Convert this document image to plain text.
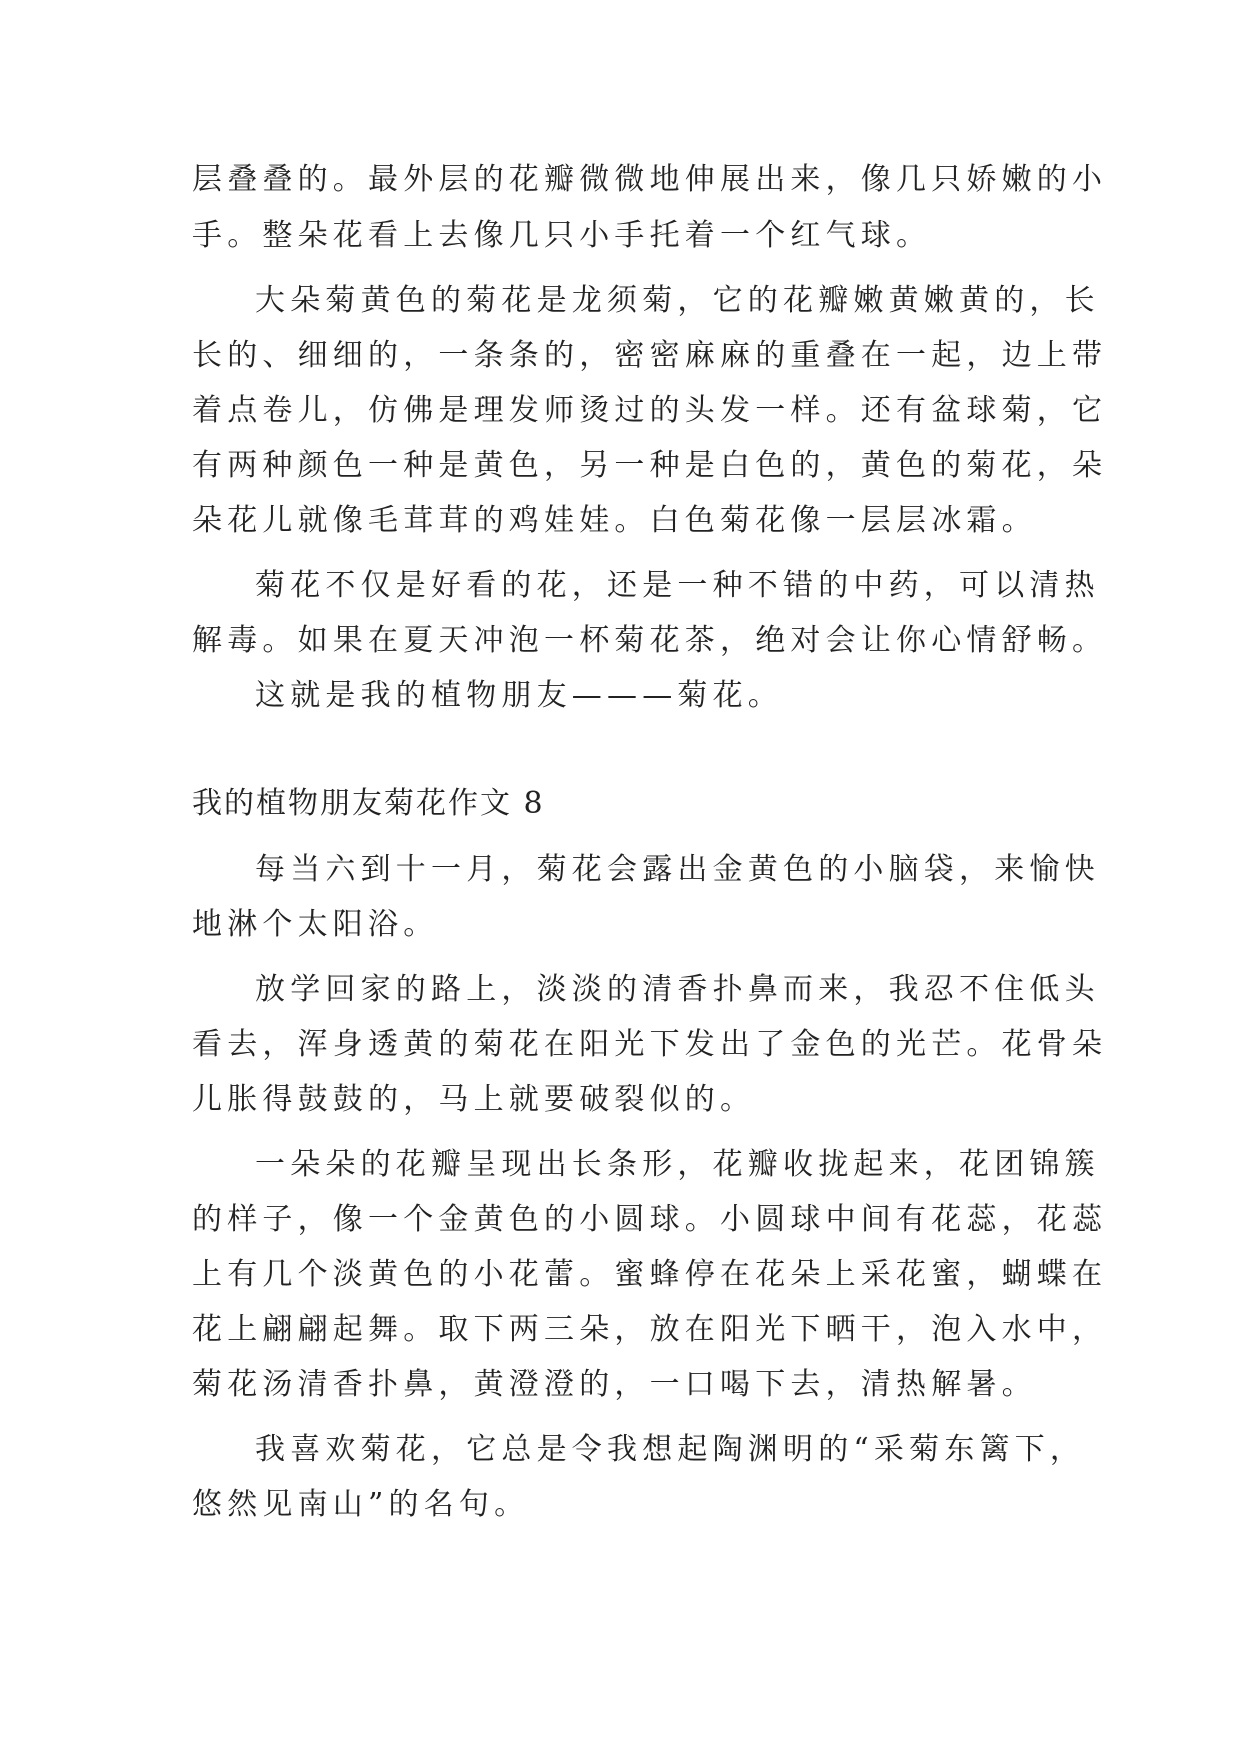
层叠叠的。最外层的花瓣微微地伸展出来，像几只娇嫩的小
手。整朵花看上去像几只小手托着一个红气球。
大朵菊黄色的菊花是龙须菊，它的花瓣嫩黄嫩黄的，长
长的、细细的，一条条的，密密麻麻的重叠在一起，边上带
着点卷儿，仿佛是理发师烫过的头发一样。还有盆球菊，它
有两种颜色一种是黄色，另一种是白色的，黄色的菊花，朵
朵花儿就像毛茸茸的鸡娃娃。白色菊花像一层层冰霜。
菊花不仅是好看的花，还是一种不错的中药，可以清热
解毒。如果在夏天冲泡一杯菊花茶，绝对会让你心情舒畅。
这就是我的植物朋友———菊花。
我的植物朋友菊花作文 8
每当六到十一月，菊花会露出金黄色的小脑袋，来愉快
地淋个太阳浴。
放学回家的路上，淡淡的清香扑鼻而来，我忍不住低头
看去，浑身透黄的菊花在阳光下发出了金色的光芒。花骨朵
儿胀得鼓鼓的，马上就要破裂似的。
一朵朵的花瓣呈现出长条形，花瓣收拢起来，花团锦簇
的样子，像一个金黄色的小圆球。小圆球中间有花蕊，花蕊
上有几个淡黄色的小花蕾。蜜蜂停在花朵上采花蜜，蝴蝶在
花上翩翩起舞。取下两三朵，放在阳光下晒干，泡入水中，
菊花汤清香扑鼻，黄澄澄的，一口喝下去，清热解暑。
我喜欢菊花，它总是令我想起陶渊明的“采菊东篱下，
悠然见南山”的名句。
